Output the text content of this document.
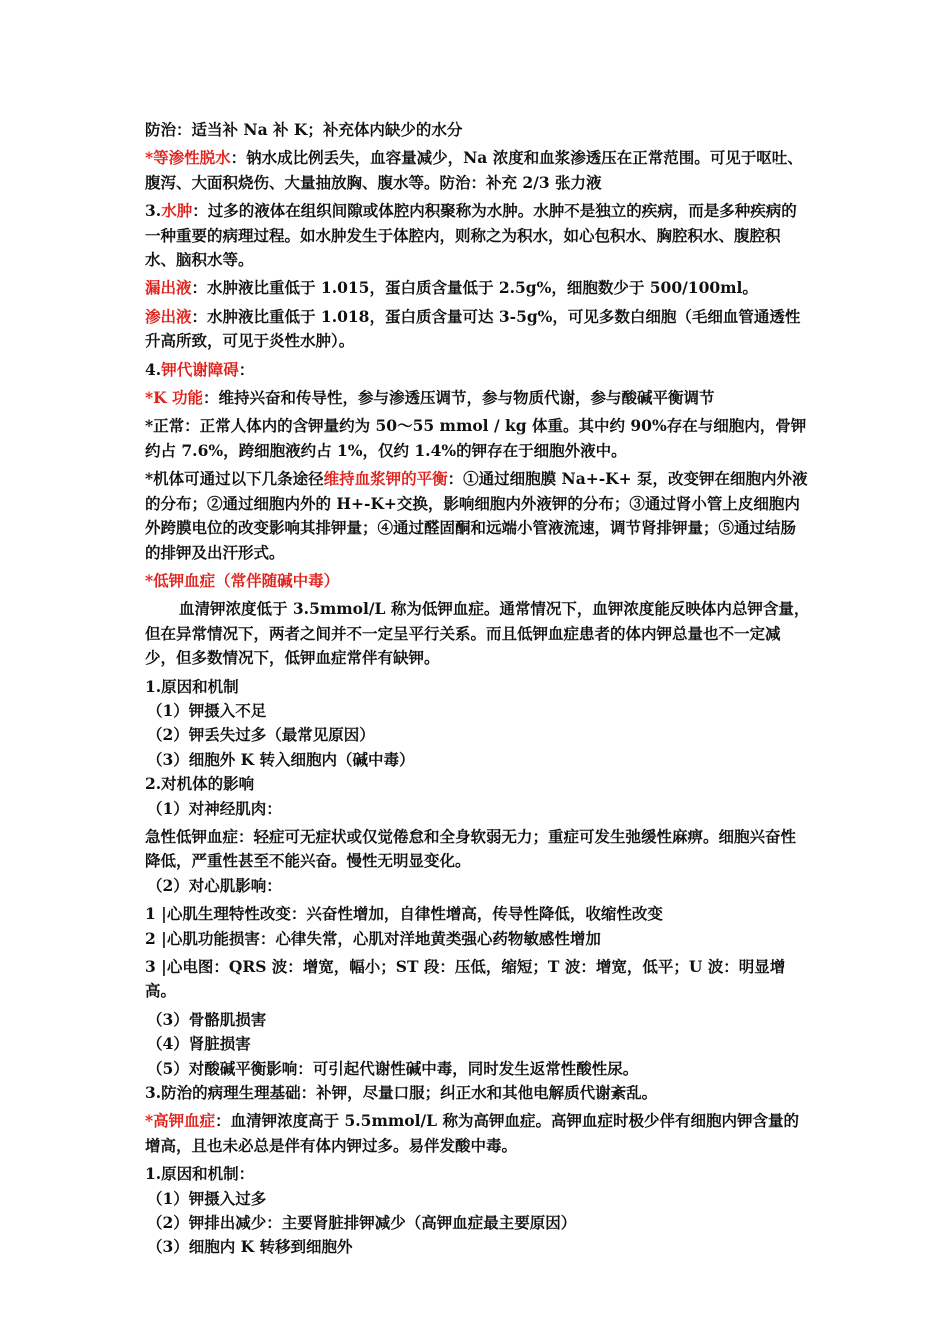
防治：适当补 Na 补 K；补充体内缺少的水分

*等渗性脱水：钠水成比例丢失，血容量减少，Na 浓度和血浆渗透压在正常范围。可见于呕吐、腹泻、大面积烧伤、大量抽放胸、腹水等。防治：补充 2/3 张力液

3.水肿：过多的液体在组织间隙或体腔内积聚称为水肿。水肿不是独立的疾病，而是多种疾病的一种重要的病理过程。如水肿发生于体腔内，则称之为积水，如心包积水、胸腔积水、腹腔积水、脑积水等。

漏出液：水肿液比重低于 1.015，蛋白质含量低于 2.5g%，细胞数少于 500/100ml。

渗出液：水肿液比重低于 1.018，蛋白质含量可达 3-5g%，可见多数白细胞（毛细血管通透性升高所致，可见于炎性水肿）。

4.钾代谢障碍：

*K 功能：维持兴奋和传导性，参与渗透压调节，参与物质代谢，参与酸碱平衡调节

*正常：正常人体内的含钾量约为 50～55 mmol / kg 体重。其中约 90%存在与细胞内，骨钾约占 7.6%，跨细胞液约占 1%，仅约 1.4%的钾存在于细胞外液中。

*机体可通过以下几条途径维持血浆钾的平衡：①通过细胞膜 Na+-K+ 泵，改变钾在细胞内外液的分布；②通过细胞内外的 H+-K+交换，影响细胞内外液钾的分布；③通过肾小管上皮细胞内外跨膜电位的改变影响其排钾量；④通过醛固酮和远端小管液流速，调节肾排钾量；⑤通过结肠的排钾及出汗形式。

*低钾血症（常伴随碱中毒）

血清钾浓度低于 3.5mmol/L 称为低钾血症。通常情况下，血钾浓度能反映体内总钾含量，但在异常情况下，两者之间并不一定呈平行关系。而且低钾血症患者的体内钾总量也不一定减少，但多数情况下，低钾血症常伴有缺钾。

1.原因和机制

（1）钾摄入不足

（2）钾丢失过多（最常见原因）

（3）细胞外 K 转入细胞内（碱中毒）

2.对机体的影响

（1）对神经肌肉：

急性低钾血症：轻症可无症状或仅觉倦怠和全身软弱无力；重症可发生弛缓性麻痹。细胞兴奋性降低，严重性甚至不能兴奋。慢性无明显变化。

（2）对心肌影响：

1 |心肌生理特性改变：兴奋性增加，自律性增高，传导性降低，收缩性改变

2 |心肌功能损害：心律失常，心肌对洋地黄类强心药物敏感性增加

3 |心电图：QRS 波：增宽，幅小；ST 段：压低，缩短；T 波：增宽，低平；U 波：明显增高。

（3）骨骼肌损害

（4）肾脏损害

（5）对酸碱平衡影响：可引起代谢性碱中毒，同时发生返常性酸性尿。

3.防治的病理生理基础：补钾，尽量口服；纠正水和其他电解质代谢紊乱。

*高钾血症：血清钾浓度高于 5.5mmol/L 称为高钾血症。高钾血症时极少伴有细胞内钾含量的增高，且也未必总是伴有体内钾过多。易伴发酸中毒。

1.原因和机制：

（1）钾摄入过多

（2）钾排出减少：主要肾脏排钾减少（高钾血症最主要原因）

（3）细胞内 K 转移到细胞外
